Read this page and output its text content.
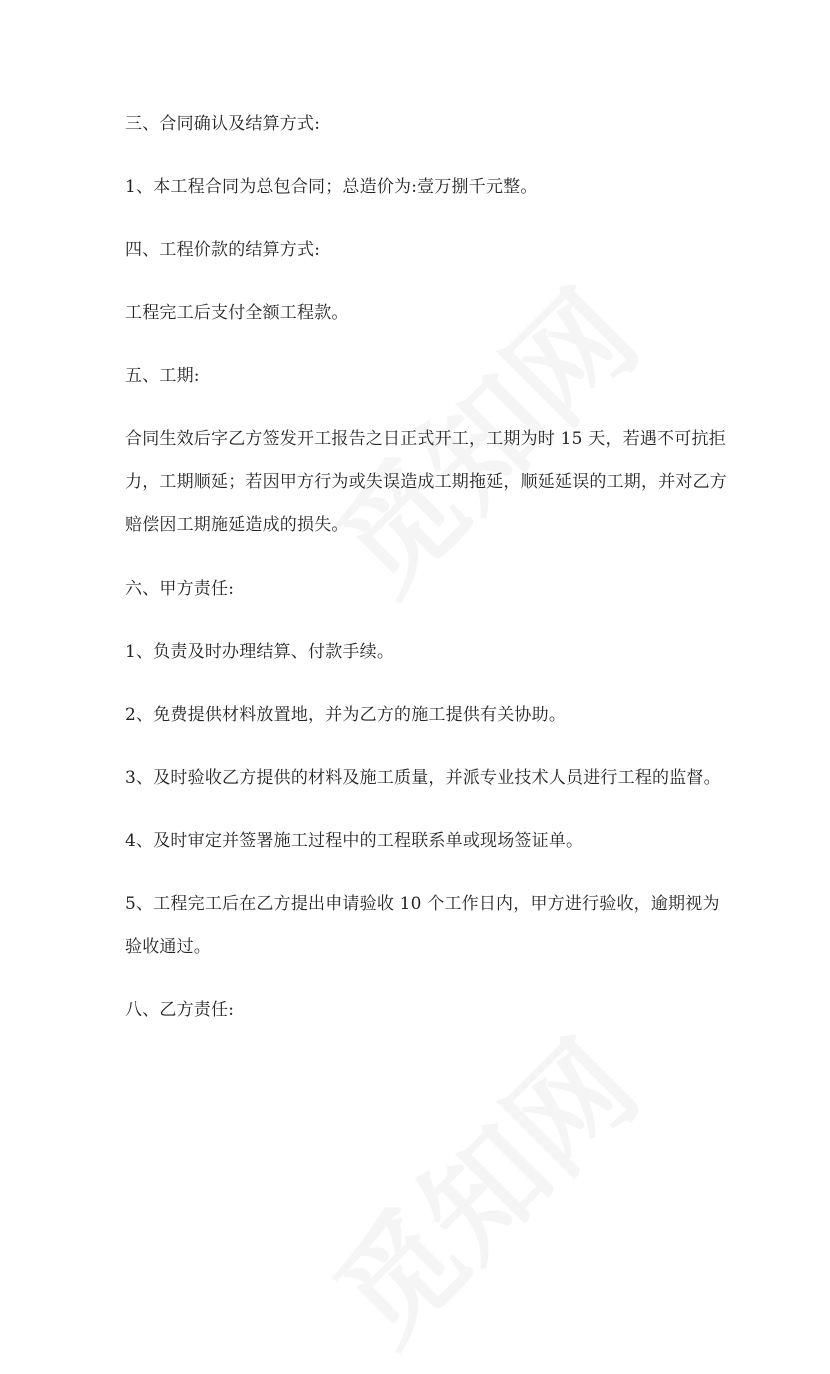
三、合同确认及结算方式:
1、本工程合同为总包合同；总造价为:壹万捌千元整。
四、工程价款的结算方式:
工程完工后支付全额工程款。
五、工期:
合同生效后字乙方签发开工报告之日正式开工，工期为时 15 天，若遇不可抗拒
力，工期顺延；若因甲方行为或失误造成工期拖延，顺延延误的工期，并对乙方
赔偿因工期施延造成的损失。
六、甲方责任:
1、负责及时办理结算、付款手续。
2、免费提供材料放置地，并为乙方的施工提供有关协助。
3、及时验收乙方提供的材料及施工质量，并派专业技术人员进行工程的监督。
4、及时审定并签署施工过程中的工程联系单或现场签证单。
5、工程完工后在乙方提出申请验收 10 个工作日内，甲方进行验收，逾期视为
验收通过。
八、乙方责任:
